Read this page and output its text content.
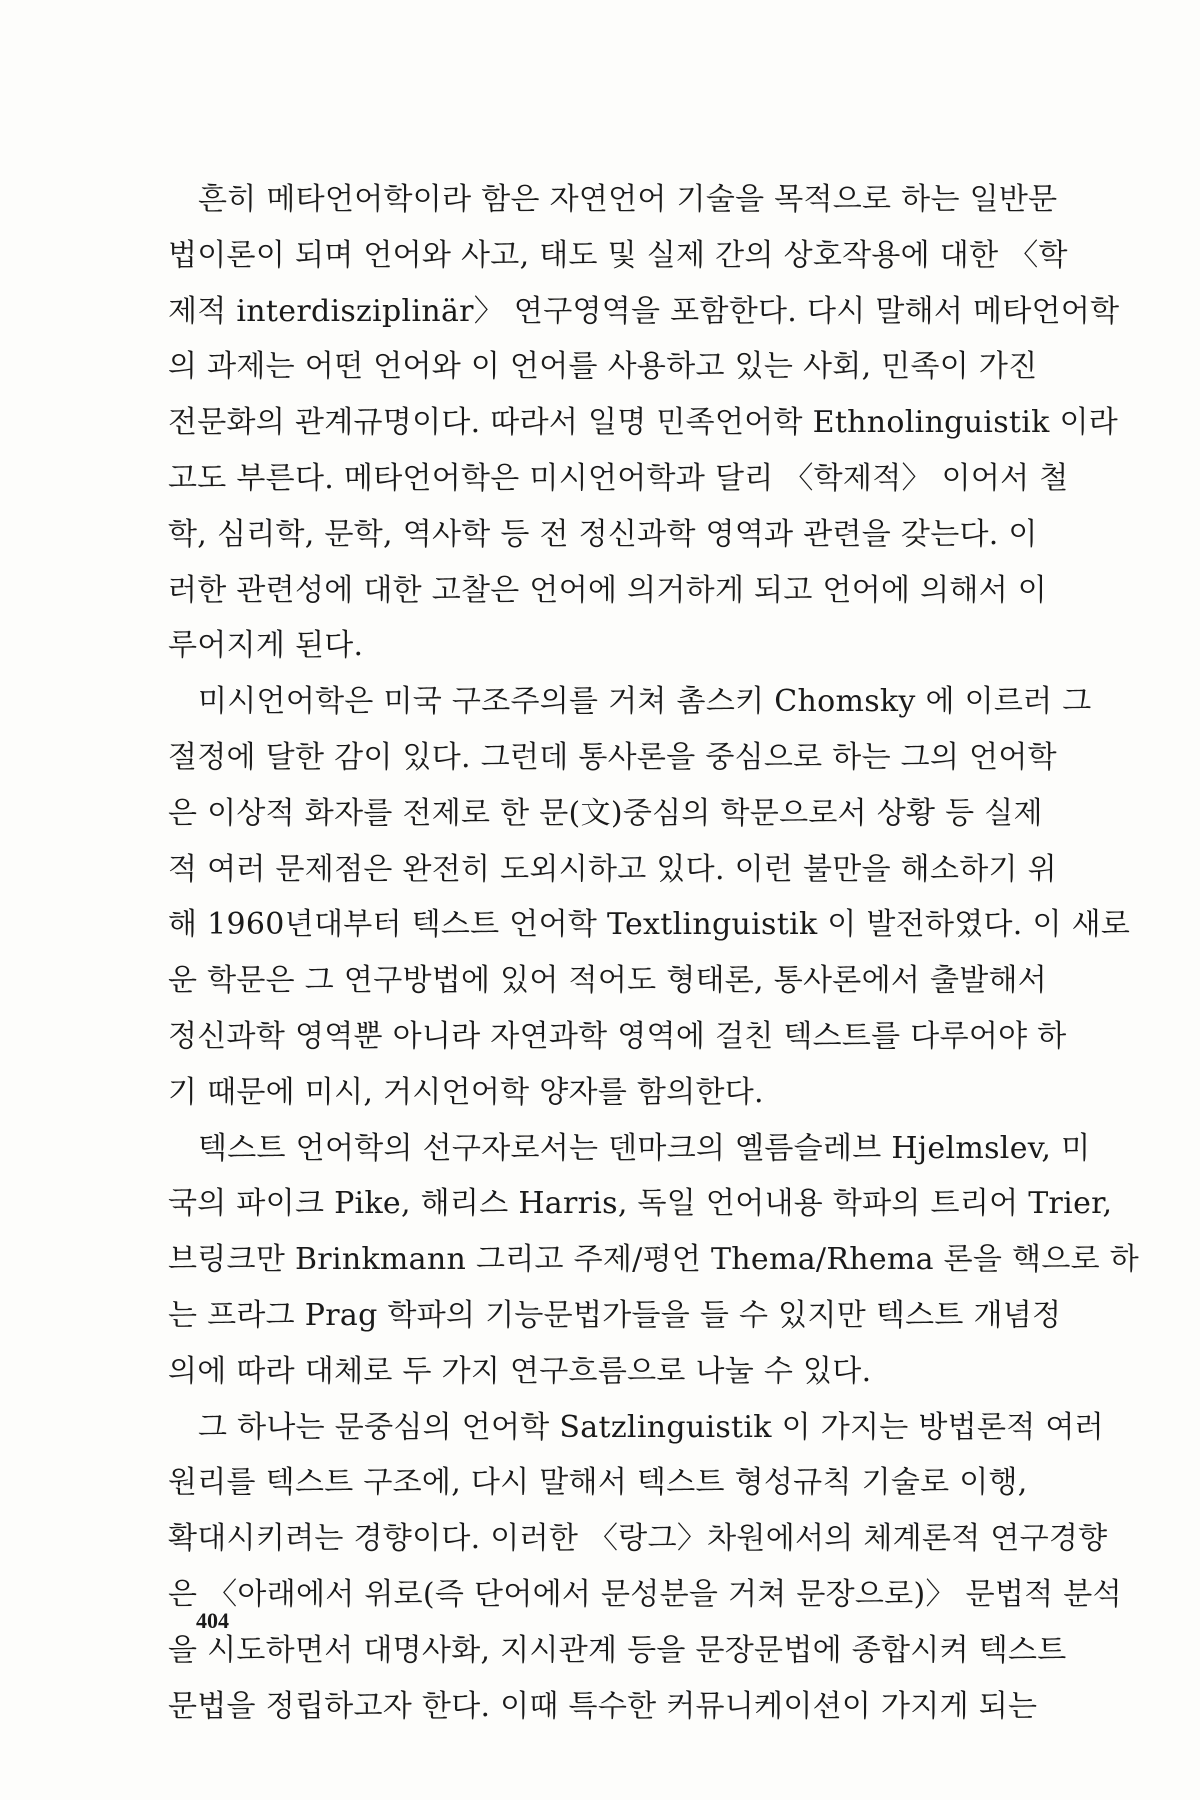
흔히 메타언어학이라 함은 자연언어 기술을 목적으로 하는 일반문
법이론이 되며 언어와 사고, 태도 및 실제 간의 상호작용에 대한 〈학
제적 interdisziplinär〉 연구영역을 포함한다. 다시 말해서 메타언어학
의 과제는 어떤 언어와 이 언어를 사용하고 있는 사회, 민족이 가진
전문화의 관계규명이다. 따라서 일명 민족언어학 Ethnolinguistik 이라
고도 부른다. 메타언어학은 미시언어학과 달리 〈학제적〉 이어서 철
학, 심리학, 문학, 역사학 등 전 정신과학 영역과 관련을 갖는다. 이
러한 관련성에 대한 고찰은 언어에 의거하게 되고 언어에 의해서 이
루어지게 된다.
미시언어학은 미국 구조주의를 거쳐 촘스키 Chomsky 에 이르러 그
절정에 달한 감이 있다. 그런데 통사론을 중심으로 하는 그의 언어학
은 이상적 화자를 전제로 한 문(文)중심의 학문으로서 상황 등 실제
적 여러 문제점은 완전히 도외시하고 있다. 이런 불만을 해소하기 위
해 1960년대부터 텍스트 언어학 Textlinguistik 이 발전하였다. 이 새로
운 학문은 그 연구방법에 있어 적어도 형태론, 통사론에서 출발해서
정신과학 영역뿐 아니라 자연과학 영역에 걸친 텍스트를 다루어야 하
기 때문에 미시, 거시언어학 양자를 함의한다.
텍스트 언어학의 선구자로서는 덴마크의 옐름슬레브 Hjelmslev, 미
국의 파이크 Pike, 해리스 Harris, 독일 언어내용 학파의 트리어 Trier,
브링크만 Brinkmann 그리고 주제/평언 Thema/Rhema 론을 핵으로 하
는 프라그 Prag 학파의 기능문법가들을 들 수 있지만 텍스트 개념정
의에 따라 대체로 두 가지 연구흐름으로 나눌 수 있다.
그 하나는 문중심의 언어학 Satzlinguistik 이 가지는 방법론적 여러
원리를 텍스트 구조에, 다시 말해서 텍스트 형성규칙 기술로 이행,
확대시키려는 경향이다. 이러한 〈랑그〉차원에서의 체계론적 연구경향
은 〈아래에서 위로(즉 단어에서 문성분을 거쳐 문장으로)〉 문법적 분석
을 시도하면서 대명사화, 지시관계 등을 문장문법에 종합시켜 텍스트
문법을 정립하고자 한다. 이때 특수한 커뮤니케이션이 가지게 되는
404
